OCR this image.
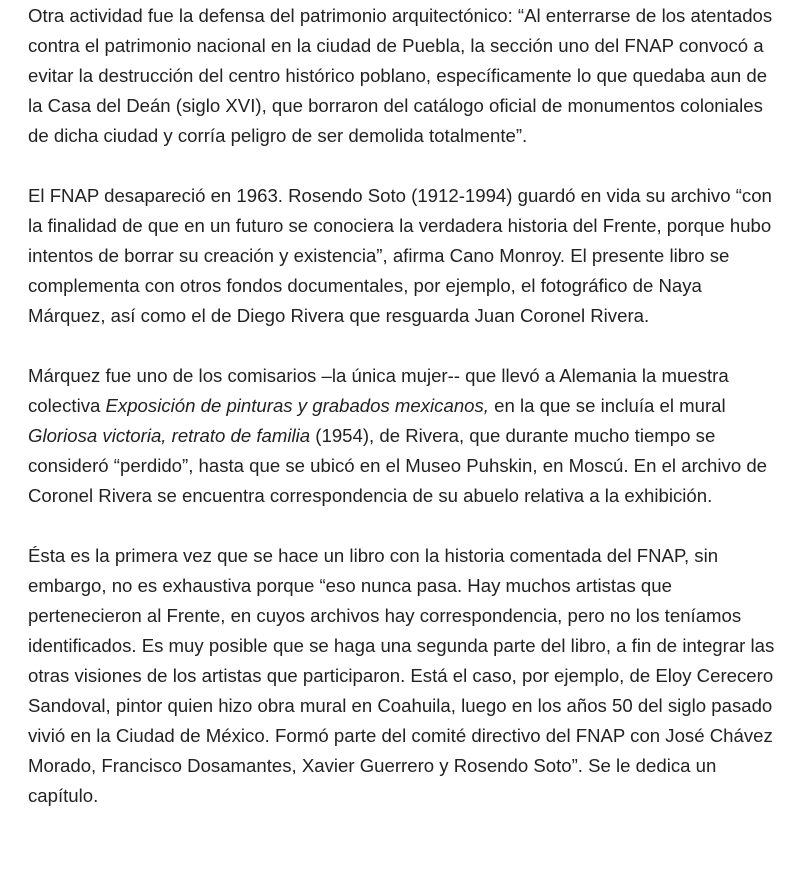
Otra actividad fue la defensa del patrimonio arquitectónico: “Al enterrarse de los atentados contra el patrimonio nacional en la ciudad de Puebla, la sección uno del FNAP convocó a evitar la destrucción del centro histórico poblano, específicamente lo que quedaba aun de la Casa del Deán (siglo XVI), que borraron del catálogo oficial de monumentos coloniales de dicha ciudad y corría peligro de ser demolida totalmente”.

El FNAP desapareció en 1963. Rosendo Soto (1912-1994) guardó en vida su archivo “con la finalidad de que en un futuro se conociera la verdadera historia del Frente, porque hubo intentos de borrar su creación y existencia”, afirma Cano Monroy. El presente libro se complementa con otros fondos documentales, por ejemplo, el fotográfico de Naya Márquez, así como el de Diego Rivera que resguarda Juan Coronel Rivera.

Márquez fue uno de los comisarios –la única mujer-- que llevó a Alemania la muestra colectiva Exposición de pinturas y grabados mexicanos, en la que se incluía el mural Gloriosa victoria, retrato de familia (1954), de Rivera, que durante mucho tiempo se consideró “perdido”, hasta que se ubicó en el Museo Puhskin, en Moscú. En el archivo de Coronel Rivera se encuentra correspondencia de su abuelo relativa a la exhibición.

Ésta es la primera vez que se hace un libro con la historia comentada del FNAP, sin embargo, no es exhaustiva porque “eso nunca pasa. Hay muchos artistas que pertenecieron al Frente, en cuyos archivos hay correspondencia, pero no los teníamos identificados. Es muy posible que se haga una segunda parte del libro, a fin de integrar las otras visiones de los artistas que participaron. Está el caso, por ejemplo, de Eloy Cerecero Sandoval, pintor quien hizo obra mural en Coahuila, luego en los años 50 del siglo pasado vivió en la Ciudad de México. Formó parte del comité directivo del FNAP con José Chávez Morado, Francisco Dosamantes, Xavier Guerrero y Rosendo Soto”. Se le dedica un capítulo.
